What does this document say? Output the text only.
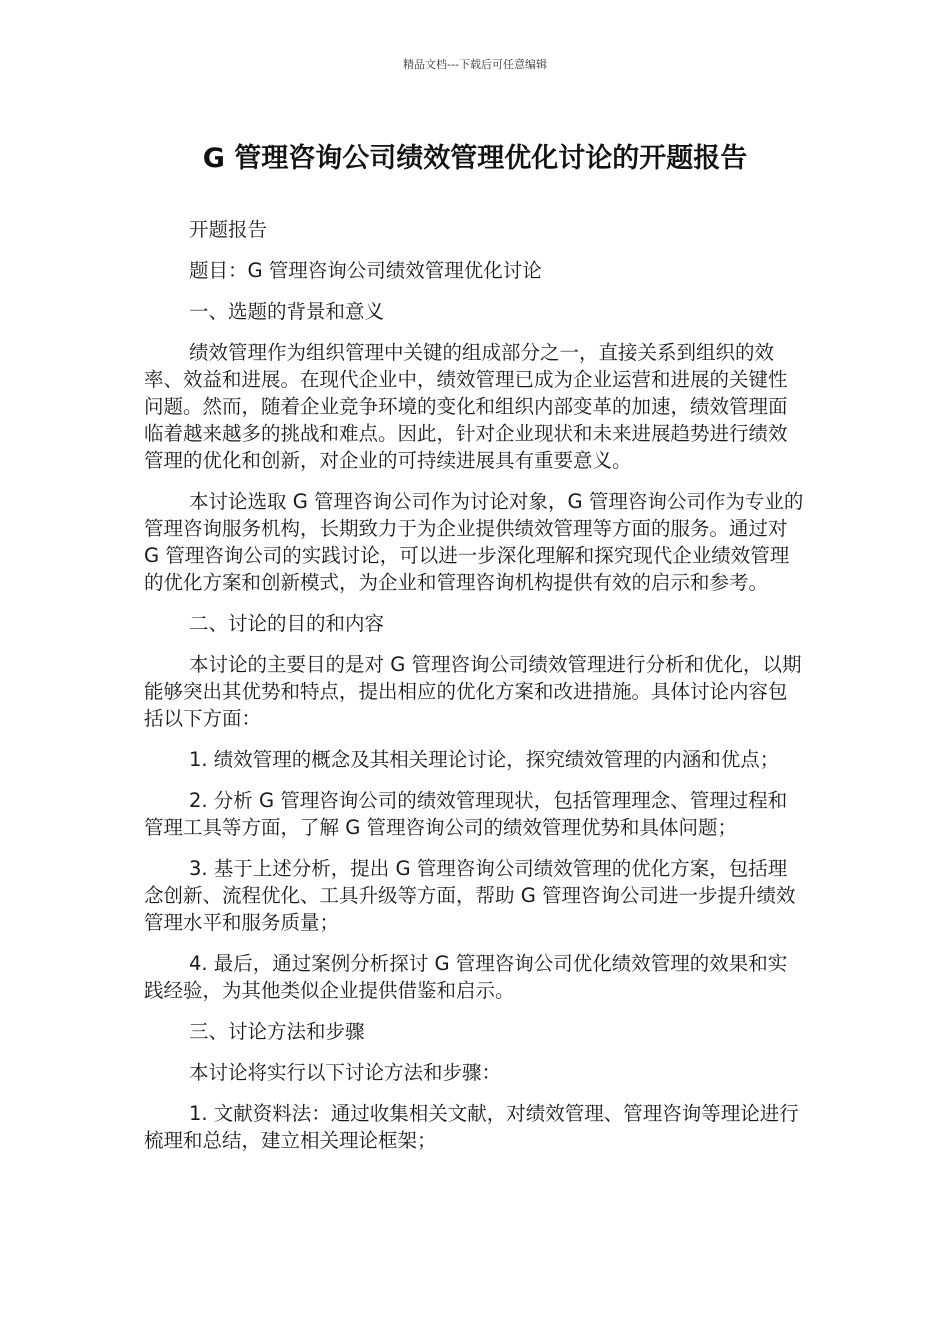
精品文档---下载后可任意编辑
G 管理咨询公司绩效管理优化讨论的开题报告

开题报告

题目：G 管理咨询公司绩效管理优化讨论

一、选题的背景和意义

绩效管理作为组织管理中关键的组成部分之一，直接关系到组织的效率、效益和进展。在现代企业中，绩效管理已成为企业运营和进展的关键性问题。然而，随着企业竞争环境的变化和组织内部变革的加速，绩效管理面临着越来越多的挑战和难点。因此，针对企业现状和未来进展趋势进行绩效管理的优化和创新，对企业的可持续进展具有重要意义。

本讨论选取 G 管理咨询公司作为讨论对象，G 管理咨询公司作为专业的管理咨询服务机构，长期致力于为企业提供绩效管理等方面的服务。通过对 G 管理咨询公司的实践讨论，可以进一步深化理解和探究现代企业绩效管理的优化方案和创新模式，为企业和管理咨询机构提供有效的启示和参考。

二、讨论的目的和内容

本讨论的主要目的是对 G 管理咨询公司绩效管理进行分析和优化，以期能够突出其优势和特点，提出相应的优化方案和改进措施。具体讨论内容包括以下方面：

1. 绩效管理的概念及其相关理论讨论，探究绩效管理的内涵和优点；

2. 分析 G 管理咨询公司的绩效管理现状，包括管理理念、管理过程和管理工具等方面，了解 G 管理咨询公司的绩效管理优势和具体问题；

3. 基于上述分析，提出 G 管理咨询公司绩效管理的优化方案，包括理念创新、流程优化、工具升级等方面，帮助 G 管理咨询公司进一步提升绩效管理水平和服务质量；

4. 最后，通过案例分析探讨 G 管理咨询公司优化绩效管理的效果和实践经验，为其他类似企业提供借鉴和启示。

三、讨论方法和步骤

本讨论将实行以下讨论方法和步骤：

1. 文献资料法：通过收集相关文献，对绩效管理、管理咨询等理论进行梳理和总结，建立相关理论框架；
